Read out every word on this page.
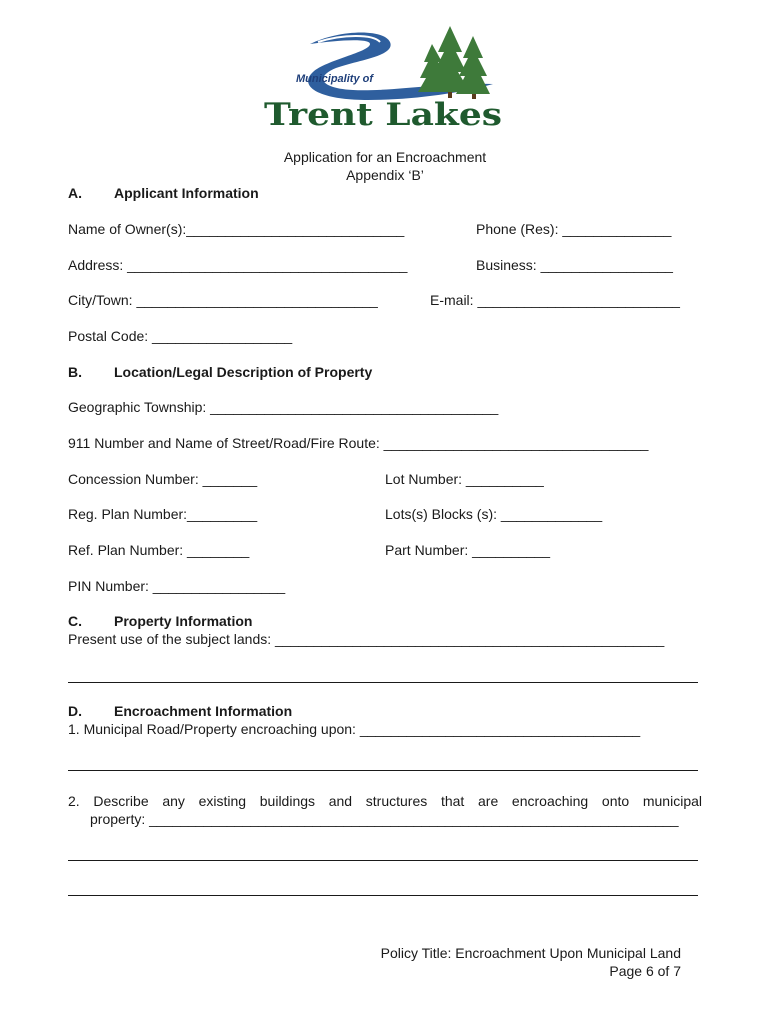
Municipality of
Trent Lakes
Application for an Encroachment
Appendix ‘B’
A. Applicant Information
Name of Owner(s):____________________________	Phone (Res): ______________
Address: ____________________________________	Business: _________________
City/Town: _______________________________	E-mail: __________________________
Postal Code: __________________
B. Location/Legal Description of Property
Geographic Township: _____________________________________
911 Number and Name of Street/Road/Fire Route: __________________________________
Concession Number: _______	Lot Number: __________
Reg. Plan Number:_________	Lots(s) Blocks (s): _____________
Ref. Plan Number: ________	Part Number: __________
PIN Number: _________________
C. Property Information
Present use of the subject lands: __________________________________________________
D. Encroachment Information
1. Municipal Road/Property encroaching upon: ____________________________________
2. Describe any existing buildings and structures that are encroaching onto municipal
property: ____________________________________________________________________
Policy Title: Encroachment Upon Municipal Land
Page 6 of 7
